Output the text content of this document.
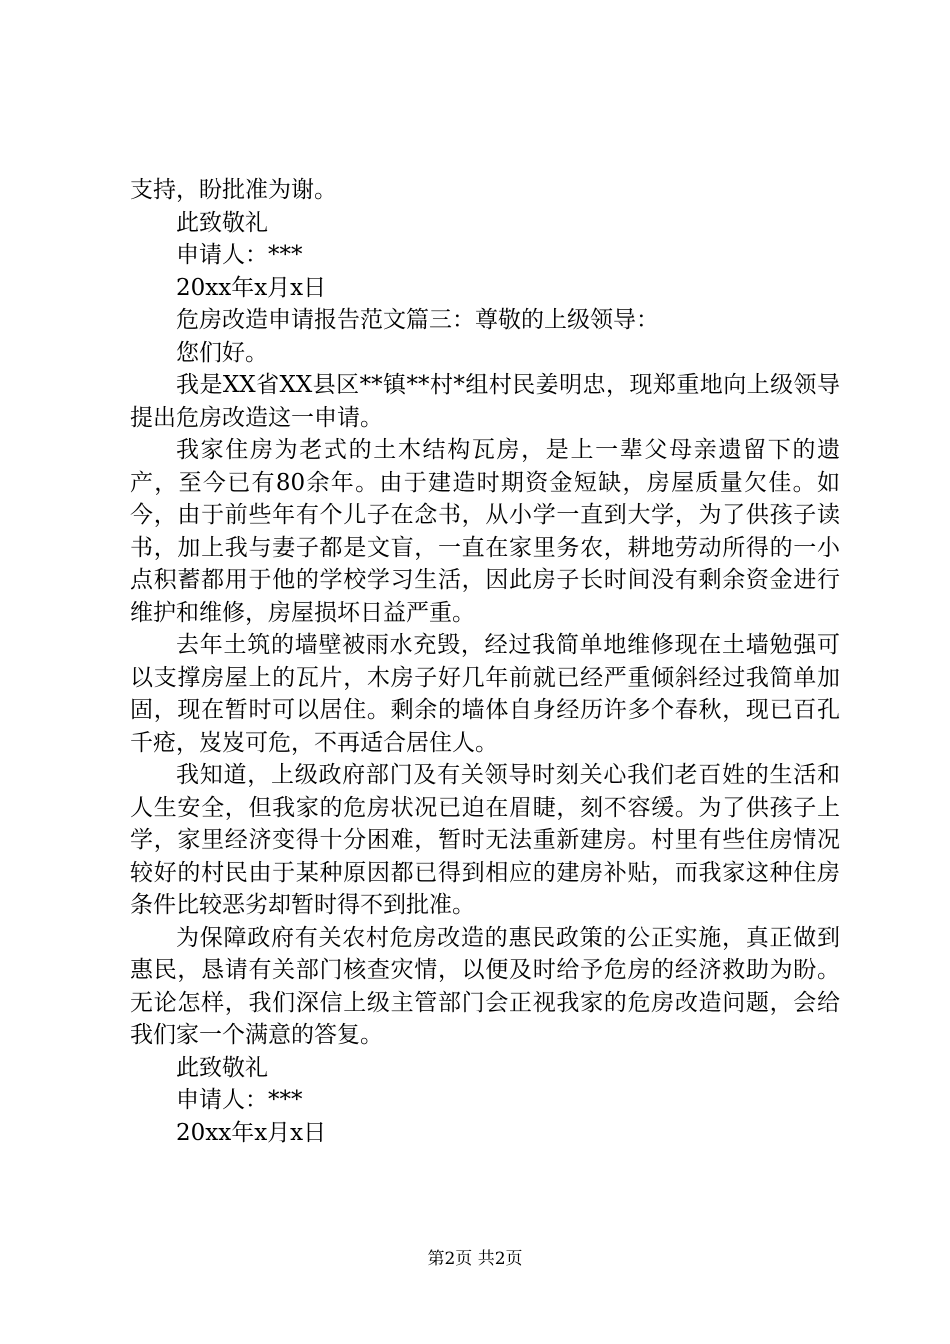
支持，盼批准为谢。
此致敬礼
申请人：***
20xx年x月x日
危房改造申请报告范文篇三：尊敬的上级领导：
您们好。

我是XX省XX县区**镇**村*组村民姜明忠，现郑重地向上级领导提出危房改造这一申请。

我家住房为老式的土木结构瓦房，是上一辈父母亲遗留下的遗产，至今已有80余年。由于建造时期资金短缺，房屋质量欠佳。如今，由于前些年有个儿子在念书，从小学一直到大学，为了供孩子读书，加上我与妻子都是文盲，一直在家里务农，耕地劳动所得的一小点积蓄都用于他的学校学习生活，因此房子长时间没有剩余资金进行维护和维修，房屋损坏日益严重。

去年土筑的墙壁被雨水充毁，经过我简单地维修现在土墙勉强可以支撑房屋上的瓦片，木房子好几年前就已经严重倾斜经过我简单加固，现在暂时可以居住。剩余的墙体自身经历许多个春秋，现已百孔千疮，岌岌可危，不再适合居住人。

我知道，上级政府部门及有关领导时刻关心我们老百姓的生活和人生安全，但我家的危房状况已迫在眉睫，刻不容缓。为了供孩子上学，家里经济变得十分困难，暂时无法重新建房。村里有些住房情况较好的村民由于某种原因都已得到相应的建房补贴，而我家这种住房条件比较恶劣却暂时得不到批准。

为保障政府有关农村危房改造的惠民政策的公正实施，真正做到惠民，恳请有关部门核查灾情，以便及时给予危房的经济救助为盼。无论怎样，我们深信上级主管部门会正视我家的危房改造问题，会给我们家一个满意的答复。

此致敬礼
申请人：***
20xx年x月x日
第2页 共2页
